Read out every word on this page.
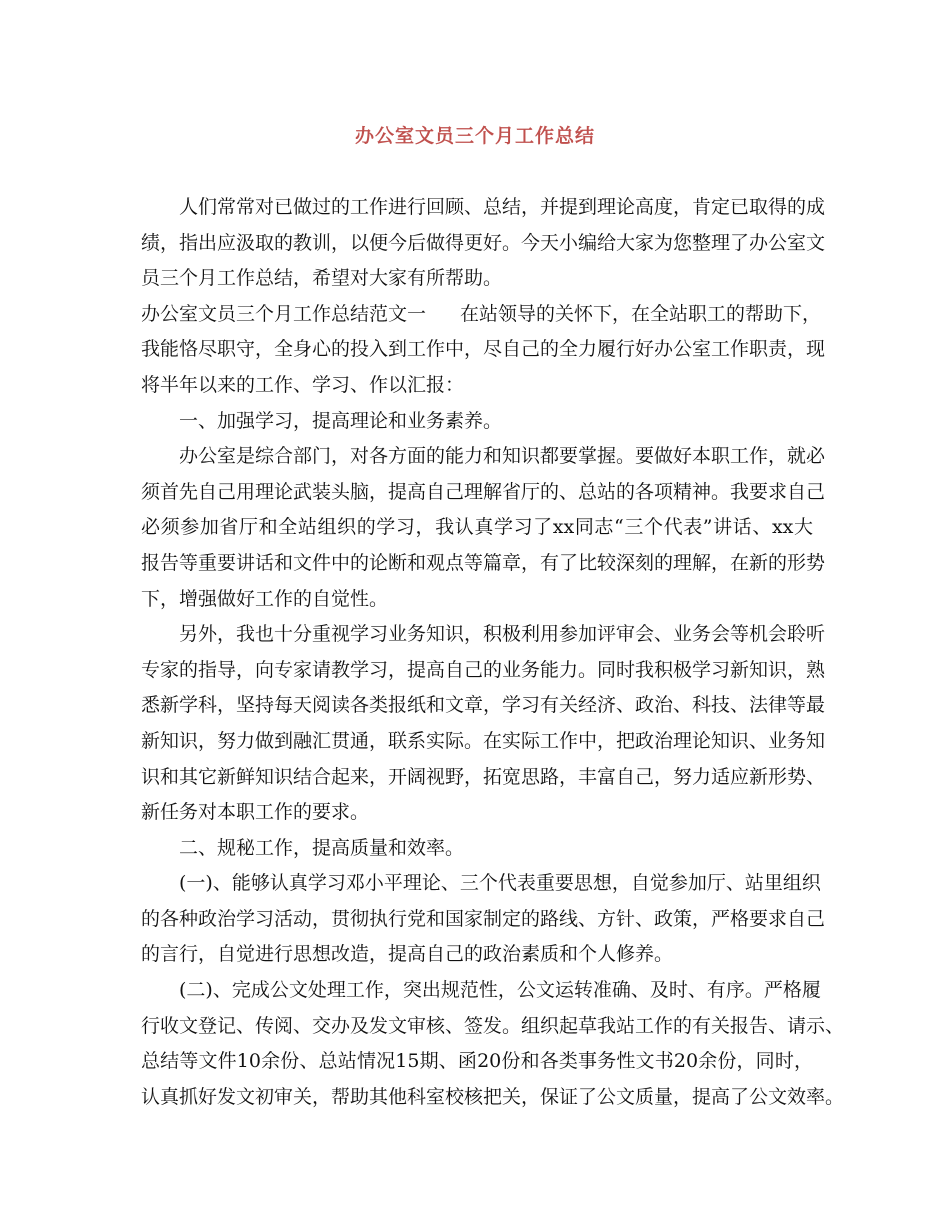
办公室文员三个月工作总结
人们常常对已做过的工作进行回顾、总结，并提到理论高度，肯定已取得的成
绩，指出应汲取的教训，以便今后做得更好。今天小编给大家为您整理了办公室文
员三个月工作总结，希望对大家有所帮助。
办公室文员三个月工作总结范文一 在站领导的关怀下，在全站职工的帮助下，
我能恪尽职守，全身心的投入到工作中，尽自己的全力履行好办公室工作职责，现
将半年以来的工作、学习、作以汇报：
一、加强学习，提高理论和业务素养。
办公室是综合部门，对各方面的能力和知识都要掌握。要做好本职工作，就必
须首先自己用理论武装头脑，提高自己理解省厅的、总站的各项精神。我要求自己
必须参加省厅和全站组织的学习，我认真学习了xx同志“三个代表”讲话、xx大
报告等重要讲话和文件中的论断和观点等篇章，有了比较深刻的理解，在新的形势
下，增强做好工作的自觉性。
另外，我也十分重视学习业务知识，积极利用参加评审会、业务会等机会聆听
专家的指导，向专家请教学习，提高自己的业务能力。同时我积极学习新知识，熟
悉新学科，坚持每天阅读各类报纸和文章，学习有关经济、政治、科技、法律等最
新知识，努力做到融汇贯通，联系实际。在实际工作中，把政治理论知识、业务知
识和其它新鲜知识结合起来，开阔视野，拓宽思路，丰富自己，努力适应新形势、
新任务对本职工作的要求。
二、规秘工作，提高质量和效率。
(一)、能够认真学习邓小平理论、三个代表重要思想，自觉参加厅、站里组织
的各种政治学习活动，贯彻执行党和国家制定的路线、方针、政策，严格要求自己
的言行，自觉进行思想改造，提高自己的政治素质和个人修养。
(二)、完成公文处理工作，突出规范性，公文运转准确、及时、有序。严格履
行收文登记、传阅、交办及发文审核、签发。组织起草我站工作的有关报告、请示、
总结等文件10余份、总站情况15期、函20份和各类事务性文书20余份，同时，
认真抓好发文初审关，帮助其他科室校核把关，保证了公文质量，提高了公文效率。
